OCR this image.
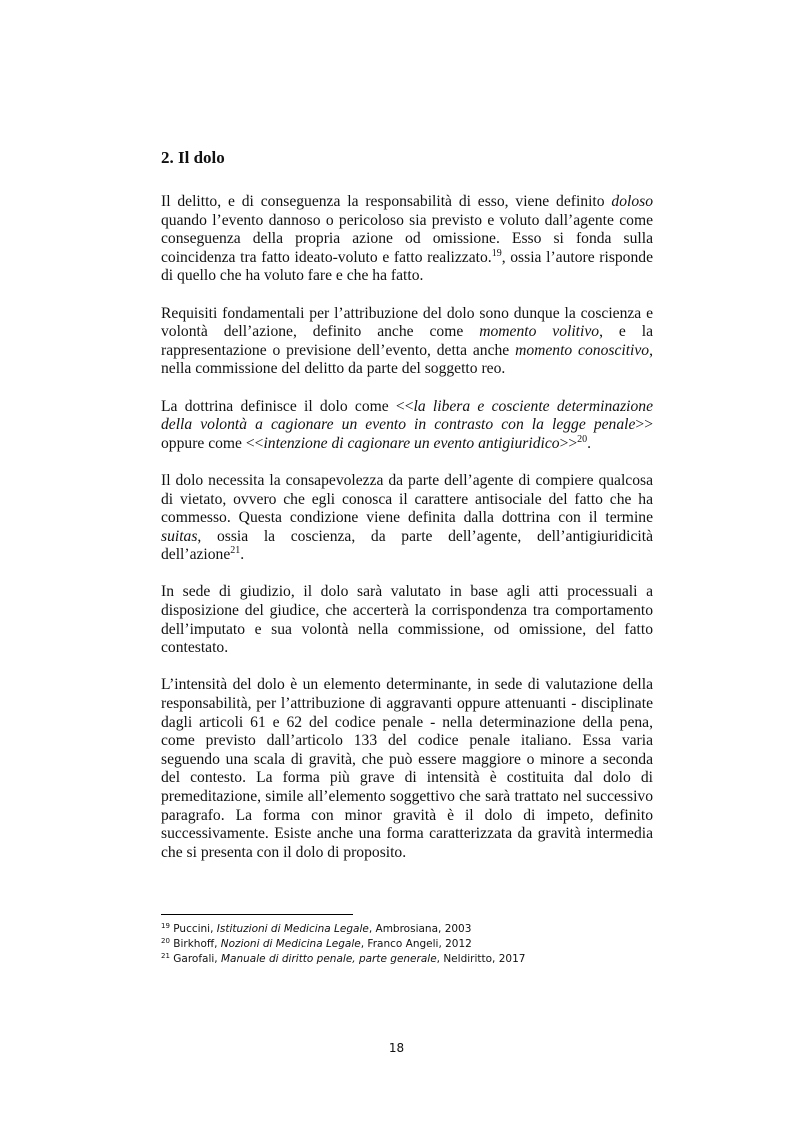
2. Il dolo

Il delitto, e di conseguenza la responsabilità di esso, viene definito doloso quando l’evento dannoso o pericoloso sia previsto e voluto dall’agente come conseguenza della propria azione od omissione. Esso si fonda sulla coincidenza tra fatto ideato-voluto e fatto realizzato.$^{19}$, ossia l’autore risponde di quello che ha voluto fare e che ha fatto.

Requisiti fondamentali per l’attribuzione del dolo sono dunque la coscienza e volontà dell’azione, definito anche come momento volitivo, e la rappresentazione o previsione dell’evento, detta anche momento conoscitivo, nella commissione del delitto da parte del soggetto reo.

La dottrina definisce il dolo come <<la libera e cosciente determinazione della volontà a cagionare un evento in contrasto con la legge penale>> oppure come <<intenzione di cagionare un evento antigiuridico>>$^{20}$.

Il dolo necessita la consapevolezza da parte dell’agente di compiere qualcosa di vietato, ovvero che egli conosca il carattere antisociale del fatto che ha commesso. Questa condizione viene definita dalla dottrina con il termine suitas, ossia la coscienza, da parte dell’agente, dell’antigiuridicità dell’azione$^{21}$.

In sede di giudizio, il dolo sarà valutato in base agli atti processuali a disposizione del giudice, che accerterà la corrispondenza tra comportamento dell’imputato e sua volontà nella commissione, od omissione, del fatto contestato.

L’intensità del dolo è un elemento determinante, in sede di valutazione della responsabilità, per l’attribuzione di aggravanti oppure attenuanti - disciplinate dagli articoli 61 e 62 del codice penale - nella determinazione della pena, come previsto dall’articolo 133 del codice penale italiano. Essa varia seguendo una scala di gravità, che può essere maggiore o minore a seconda del contesto. La forma più grave di intensità è costituita dal dolo di premeditazione, simile all’elemento soggettivo che sarà trattato nel successivo paragrafo. La forma con minor gravità è il dolo di impeto, definito successivamente. Esiste anche una forma caratterizzata da gravità intermedia che si presenta con il dolo di proposito.

$^{19}$ Puccini, Istituzioni di Medicina Legale, Ambrosiana, 2003
$^{20}$ Birkhoff, Nozioni di Medicina Legale, Franco Angeli, 2012
$^{21}$ Garofali, Manuale di diritto penale, parte generale, Neldiritto, 2017
18
